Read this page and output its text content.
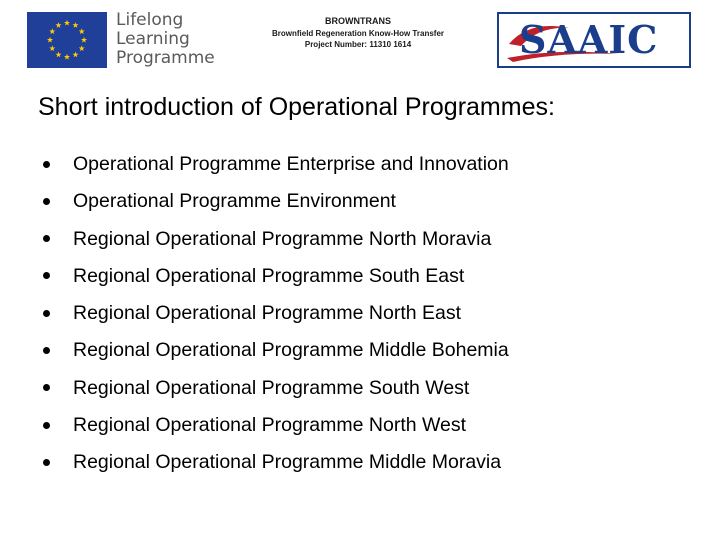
Lifelong
Learning
Programme
BROWNTRANS
Brownfield Regeneration Know-How Transfer
Project Number: 11310 1614	SAAIC
Short introduction of Operational Programmes:
Operational Programme Enterprise and Innovation
Operational Programme Environment
Regional Operational Programme North Moravia
Regional Operational Programme South East
Regional Operational Programme North East
Regional Operational Programme Middle Bohemia
Regional Operational Programme South West
Regional Operational Programme North West
Regional Operational Programme Middle Moravia
